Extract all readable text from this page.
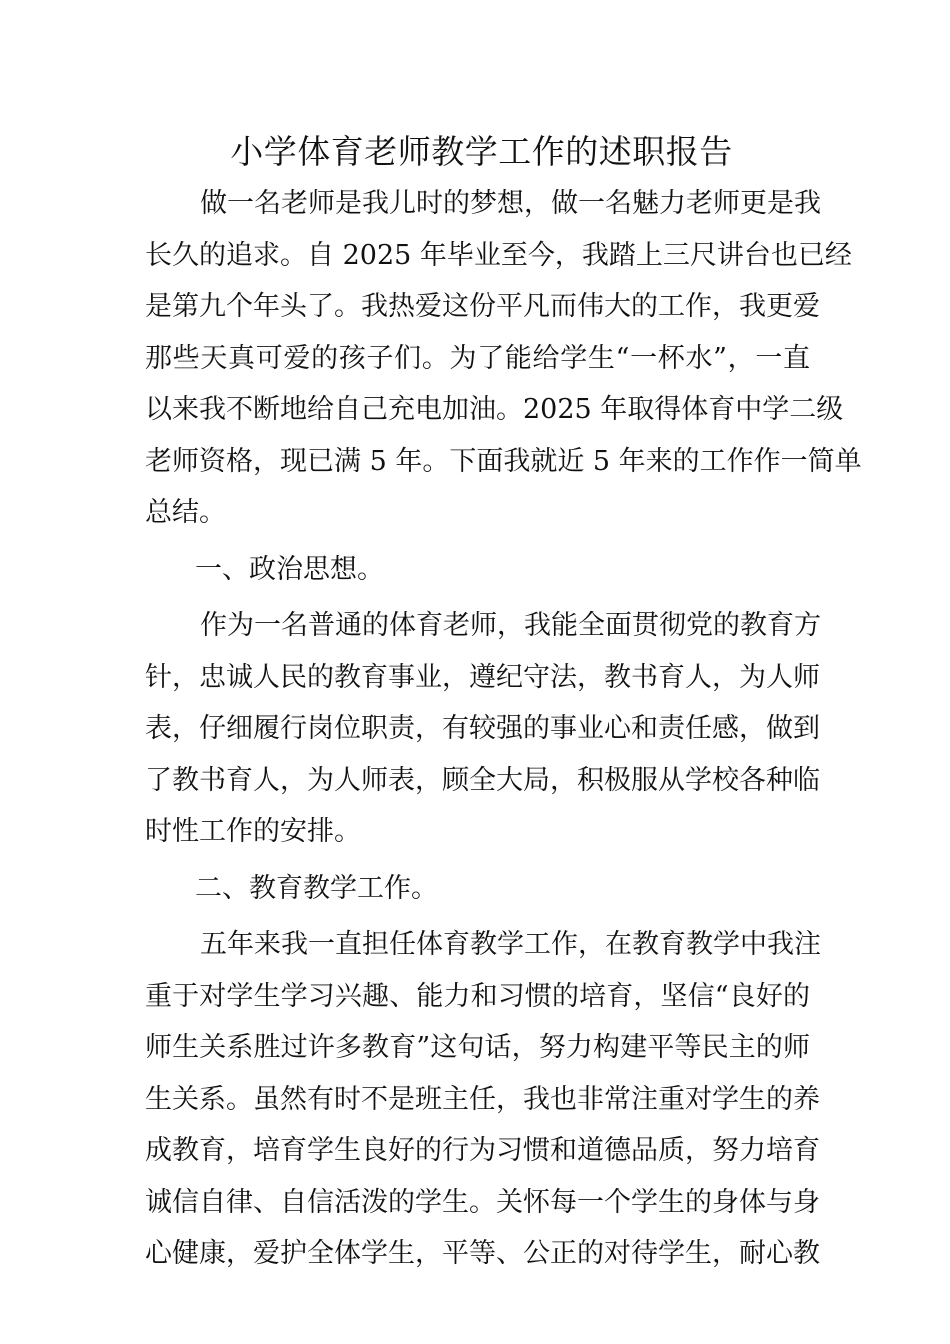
小学体育老师教学工作的述职报告
做一名老师是我儿时的梦想，做一名魅力老师更是我
长久的追求。自 2025 年毕业至今，我踏上三尺讲台也已经
是第九个年头了。我热爱这份平凡而伟大的工作，我更爱
那些天真可爱的孩子们。为了能给学生“一杯水”，一直
以来我不断地给自己充电加油。2025 年取得体育中学二级
老师资格，现已满 5 年。下面我就近 5 年来的工作作一简单
总结。

一、政治思想。

作为一名普通的体育老师，我能全面贯彻党的教育方
针，忠诚人民的教育事业，遵纪守法，教书育人，为人师
表，仔细履行岗位职责，有较强的事业心和责任感，做到
了教书育人，为人师表，顾全大局，积极服从学校各种临
时性工作的安排。

二、教育教学工作。

五年来我一直担任体育教学工作，在教育教学中我注
重于对学生学习兴趣、能力和习惯的培育，坚信“良好的
师生关系胜过许多教育”这句话，努力构建平等民主的师
生关系。虽然有时不是班主任，我也非常注重对学生的养
成教育，培育学生良好的行为习惯和道德品质，努力培育
诚信自律、自信活泼的学生。关怀每一个学生的身体与身
心健康，爱护全体学生，平等、公正的对待学生，耐心教
